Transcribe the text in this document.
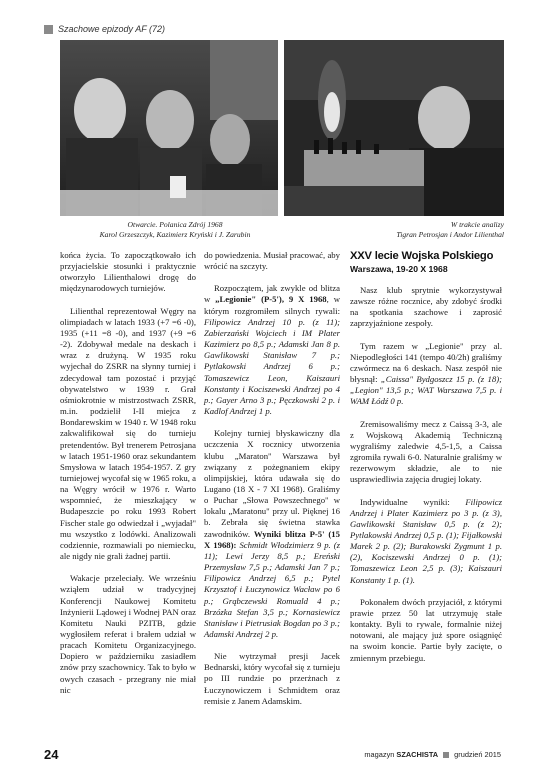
Szachowe epizody AF (72)
Otwarcie. Polanica Zdrój 1968
Karol Grzeszczyk, Kazimierz Kryński i J. Zarubin
W trakcie analizy
Tigran Petrosjan i Andor Lilienthal

końca życia. To zapoczątkowało ich przyjacielskie stosunki i praktycznie otworzyło Lilienthalowi drogę do międzynarodowych turniejów.

Lilienthal reprezentował Węgry na olimpiadach w latach 1933 (+7 =6 -0), 1935 (+11 =8 -0), and 1937 (+9 =6 -2). Zdobywał medale na deskach i wraz z drużyną. W 1935 roku wyjechał do ZSRR na słynny turniej i zdecydował tam pozostać i przyjąć obywatelstwo w 1939 r. Grał ośmiokrotnie w mistrzostwach ZSRR, m.in. podzielił I-II miejca z Bondarewskim w 1940 r. W 1948 roku zakwalifikował się do turnieju pretendentów. Był trenerem Petrosjana w latach 1951-1960 oraz sekundantem Smysłowa w latach 1954-1957. Z gry turniejowej wycofał się w 1965 roku, a na Węgry wrócił w 1976 r. Warto wspomnieć, że mieszkający w Budapeszcie po roku 1993 Robert Fischer stale go odwiedzał i „wyjadał" mu wszystko z lodówki. Analizowali codziennie, rozmawiali po niemiecku, ale nigdy nie grali żadnej partii.

Wakacje przeleciały. We wrześniu wziąłem udział w tradycyjnej Konferencji Naukowej Komitetu Inżynierii Lądowej i Wodnej PAN oraz Komitetu Nauki PZITB, gdzie wygłosiłem referat i brałem udział w pracach Komitetu Organizacyjnego. Dopiero w październiku zasiadłem znów przy szachownicy. Tak to było w owych czasach - przegrany nie miał nic

do powiedzenia. Musiał pracować, aby wrócić na szczyty.

Rozpoczątem, jak zwykle od blitza w „Legionie" (P-5'), 9 X 1968, w którym rozgromiłem silnych rywali: Filipowicz Andrzej 10 p. (z 11); Zabierzański Wojciech i IM Plater Kazimierz po 8,5 p.; Adamski Jan 8 p. Gawlikowski Stanisław 7 p.; Pytlakowski Andrzej 6 p.; Tomaszewicz Leon, Kaiszauri Konstanty i Kociszewski Andrzej po 4 p.; Gayer Arno 3 p.; Pęczkowski 2 p. i Kadlof Andrzej 1 p.

Kolejny turniej błyskawiczny dla uczczenia X rocznicy utworzenia klubu „Maraton" Warszawa był związany z pożegnaniem ekipy olimpijskiej, która udawała się do Lugano (18 X - 7 XI 1968). Graliśmy o Puchar „Słowa Powszechnego" w lokalu „Maratonu" przy ul. Pięknej 16 b. Zebrała się świetna stawka zawodników. Wyniki blitza P-5' (15 X 1968): Schmidt Włodzimierz 9 p. (z 11); Lewi Jerzy 8,5 p.; Ereński Przemysław 7,5 p.; Adamski Jan 7 p.; Filipowicz Andrzej 6,5 p.; Pytel Krzysztof i Łuczynowicz Wacław po 6 p.; Grąbczewski Romuald 4 p.; Brzózka Stefan 3,5 p.; Kornasiewicz Stanisław i Pietrusiak Bogdan po 3 p.; Adamski Andrzej 2 p.

Nie wytrzymał presji Jacek Bednarski, który wycofał się z turnieju po III rundzie po przerżnach z Łuczynowiczem i Schmidtem oraz remisie z Janem Adamskim.

XXV lecie Wojska Polskiego
Warszawa, 19-20 X 1968

Nasz klub sprytnie wykorzystywał zawsze różne rocznice, aby zdobyć środki na spotkania szachowe i zaprosić zaprzyjaźnione zespoły.

Tym razem w „Legionie" przy al. Niepodległości 141 (tempo 40/2h) graliśmy czwórmecz na 6 deskach. Nasz zespół nie błysnął: „Caissa" Bydgoszcz 15 p. (z 18); „Legion" 13,5 p.; WAT Warszawa 7,5 p. i WAM Łódź 0 p.

Zremisowaliśmy mecz z Caissą 3-3, ale z Wojskową Akademią Techniczną wygraliśmy zaledwie 4,5-1,5, a Caissa zgromiła rywali 6-0. Naturalnie graliśmy w rezerwowym składzie, ale to nie usprawiedliwia zajęcia drugiej lokaty.

Indywidualne wyniki: Filipowicz Andrzej i Plater Kazimierz po 3 p. (z 3), Gawlikowski Stanisław 0,5 p. (z 2); Pytlakowski Andrzej 0,5 p. (1); Fijałkowski Marek 2 p. (2); Burakowski Zygmunt 1 p. (2), Kociszewski Andrzej 0 p. (1); Tomaszewicz Leon 2,5 p. (3); Kaiszauri Konstanty 1 p. (1).

Pokonałem dwóch przyjaciół, z którymi prawie przez 50 lat utrzymuję stałe kontakty. Byli to rywale, formalnie niżej notowani, ale mający już spore osiągnięć na swoim koncie. Partie były zacięte, o zmiennym przebiegu.

24	magazyn SZACHISTA grudzień 2015
